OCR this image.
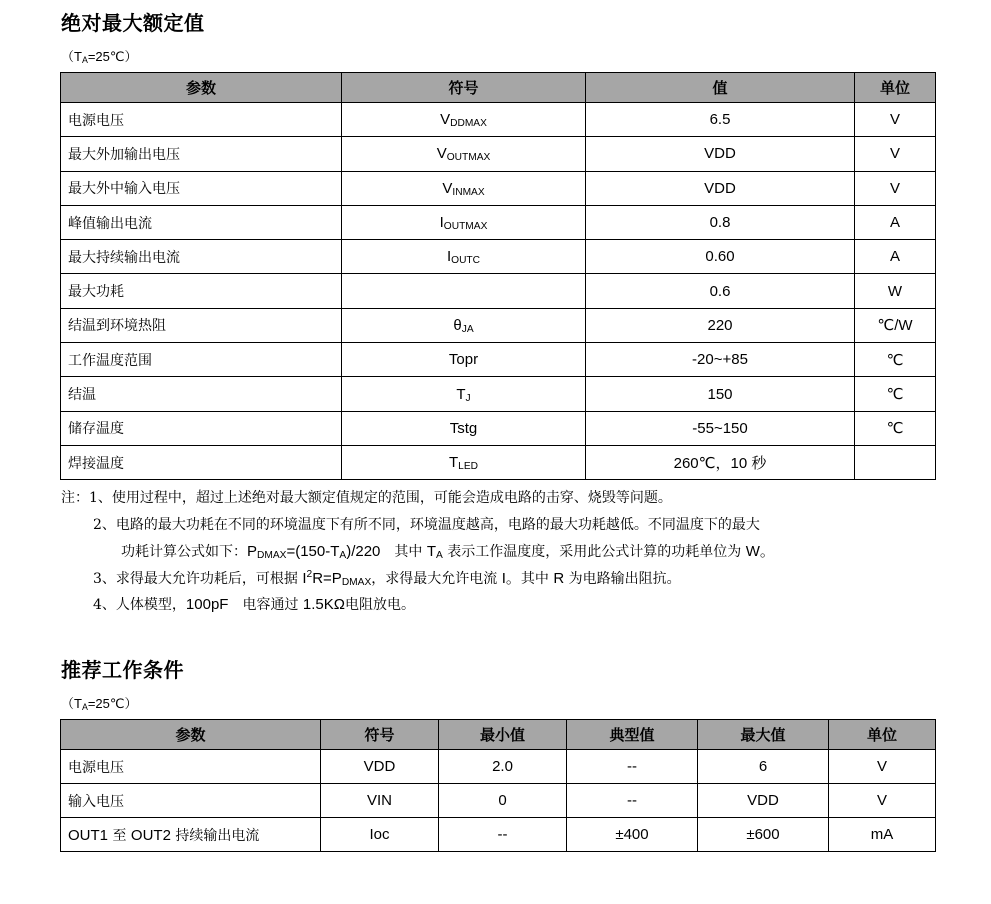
绝对最大额定值
$(T_A=25℃)$
参数	符号	值	单位
电源电压	$V_{DDMAX}$	6.5	V
最大外加输出电压	$V_{OUTMAX}$	VDD	V
最大外中输入电压	$V_{INMAX}$	VDD	V
峰值输出电流	$I_{OUTMAX}$	0.8	A
最大持续输出电流	$I_{OUTC}$	0.60	A
最大功耗		0.6	W
结温到环境热阻	$\theta_{JA}$	220	℃/W
工作温度范围	Topr	-20~+85	℃
结温	$T_J$	150	℃
储存温度	Tstg	-55~150	℃
焊接温度	$T_{LED}$	260℃，10 秒	
注：1、使用过程中，超过上述绝对最大额定值规定的范围，可能会造成电路的击穿、烧毁等问题。
2、电路的最大功耗在不同的环境温度下有所不同，环境温度越高，电路的最大功耗越低。不同温度下的最大
功耗计算公式如下：$P_{DMAX}=(150-T_A)/220$　其中 $T_A$ 表示工作温度度，采用此公式计算的功耗单位为 W。
3、求得最大允许功耗后，可根据 $I^2R=P_{DMAX}$，求得最大允许电流 I。其中 R 为电路输出阻抗。
4、人体模型，100pF　 电容通过 1.5KΩ电阻放电。
推荐工作条件
$(T_A=25℃)$
参数	符号	最小值	典型值	最大值	单位
电源电压	VDD	2.0	--	6	V
输入电压	VIN	0	--	VDD	V
OUT1 至 OUT2 持续输出电流	Ioc	--	±400	±600	mA
